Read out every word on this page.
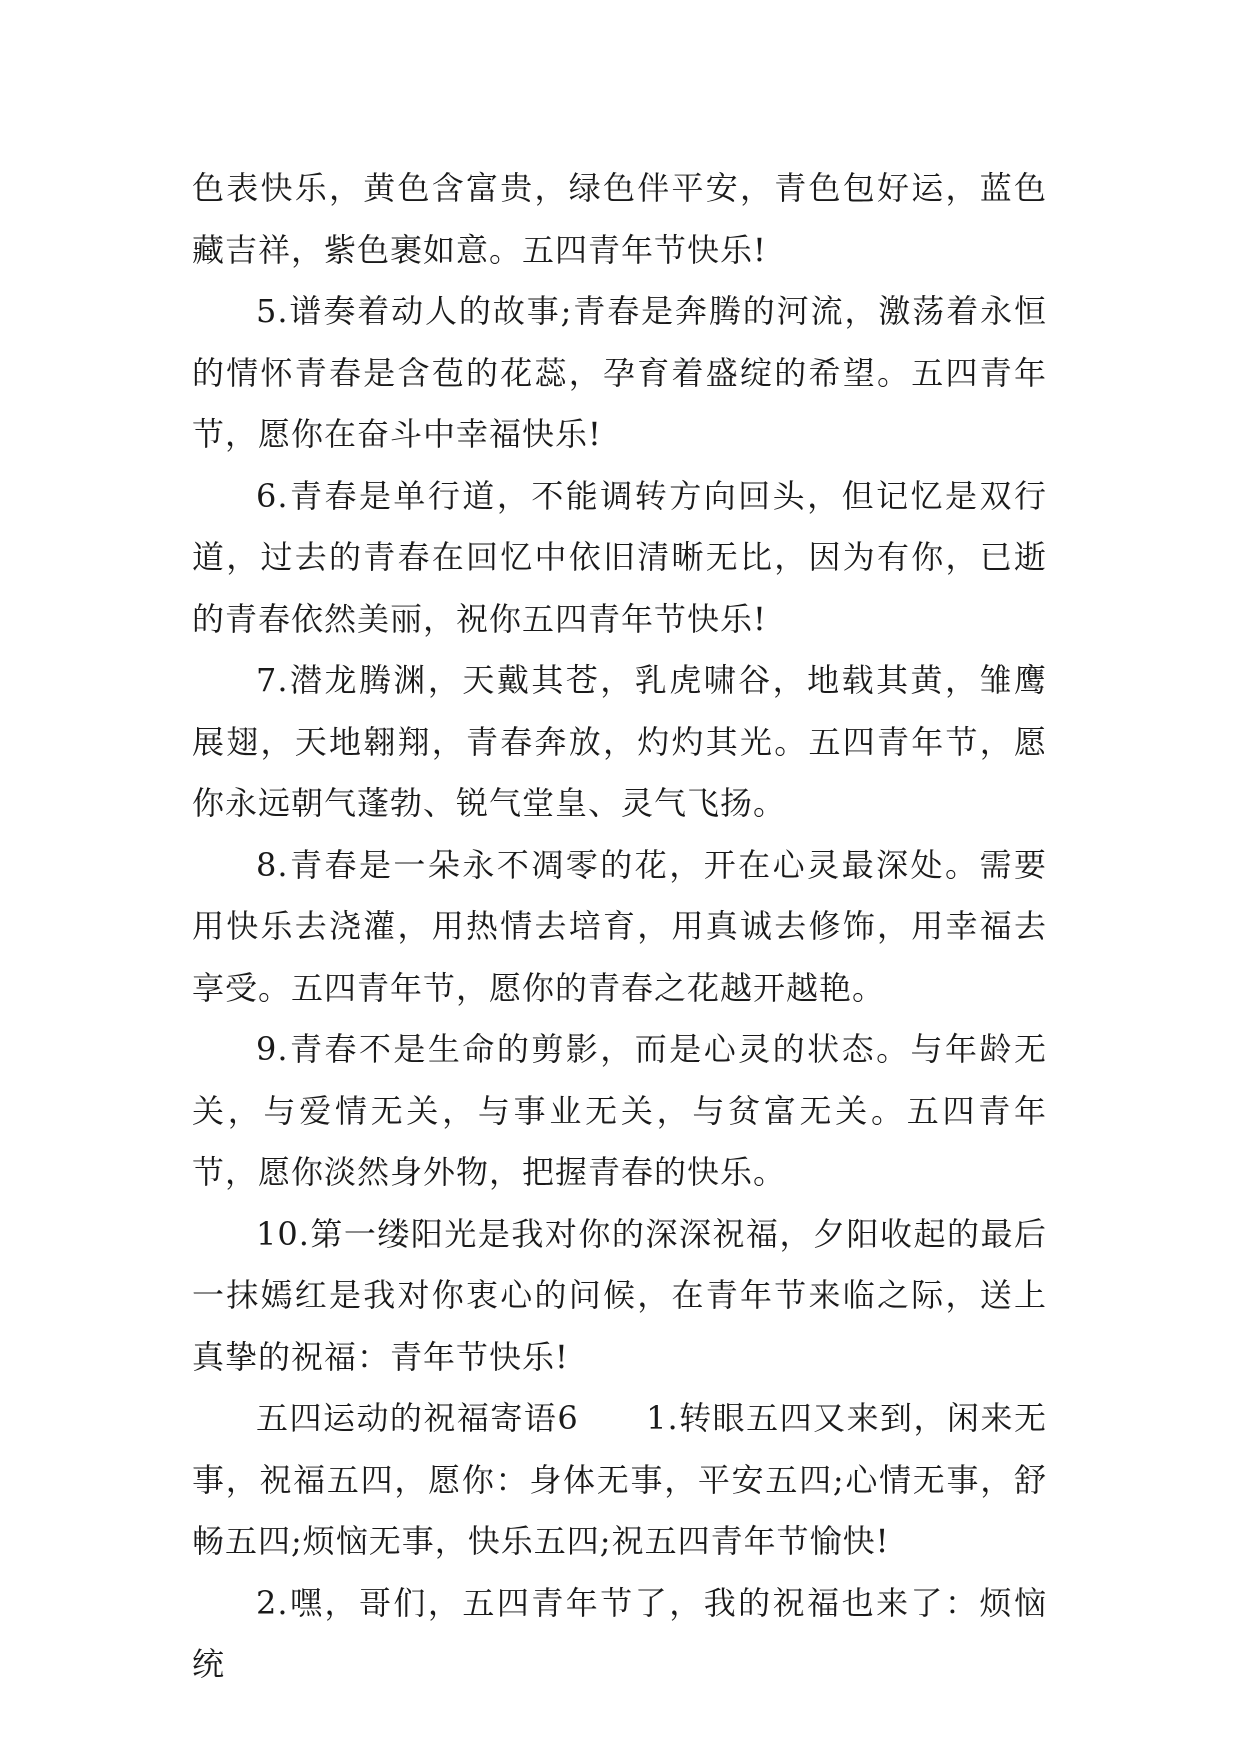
色表快乐，黄色含富贵，绿色伴平安，青色包好运，蓝色藏吉祥，紫色裹如意。五四青年节快乐!

5.谱奏着动人的故事;青春是奔腾的河流，激荡着永恒的情怀青春是含苞的花蕊，孕育着盛绽的希望。五四青年节，愿你在奋斗中幸福快乐!

6.青春是单行道，不能调转方向回头，但记忆是双行道，过去的青春在回忆中依旧清晰无比，因为有你，已逝的青春依然美丽，祝你五四青年节快乐!

7.潜龙腾渊，天戴其苍，乳虎啸谷，地载其黄，雏鹰展翅，天地翱翔，青春奔放，灼灼其光。五四青年节，愿你永远朝气蓬勃、锐气堂皇、灵气飞扬。

8.青春是一朵永不凋零的花，开在心灵最深处。需要用快乐去浇灌，用热情去培育，用真诚去修饰，用幸福去享受。五四青年节，愿你的青春之花越开越艳。

9.青春不是生命的剪影，而是心灵的状态。与年龄无关，与爱情无关，与事业无关，与贫富无关。五四青年节，愿你淡然身外物，把握青春的快乐。

10.第一缕阳光是我对你的深深祝福，夕阳收起的最后一抹嫣红是我对你衷心的问候，在青年节来临之际，送上真挚的祝福：青年节快乐!

五四运动的祝福寄语6　　1.转眼五四又来到，闲来无事，祝福五四，愿你：身体无事，平安五四;心情无事，舒畅五四;烦恼无事，快乐五四;祝五四青年节愉快!

2.嘿，哥们，五四青年节了，我的祝福也来了：烦恼统
